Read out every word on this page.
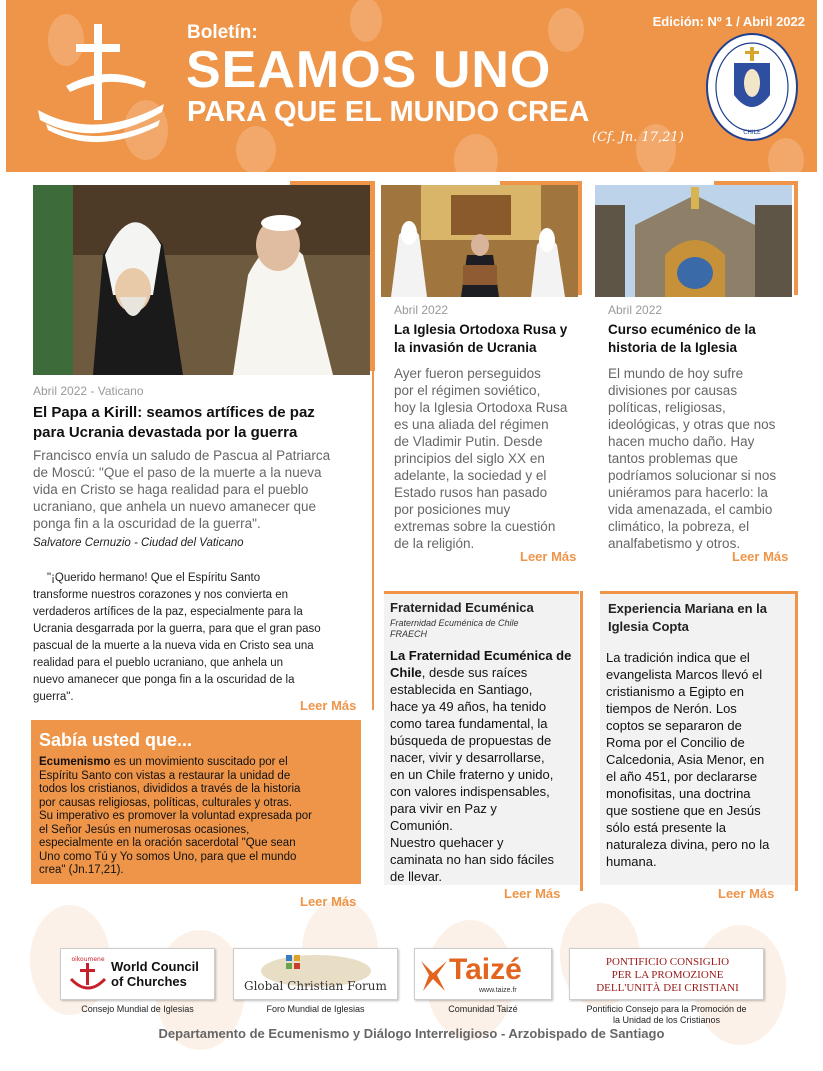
Boletín:
SEAMOS UNO
PARA QUE EL MUNDO CREA
(Cf. Jn. 17,21)
Edición: Nº 1 / Abril 2022
CHILE
Abril 2022 - Vaticano
El Papa a Kirill: seamos artífices de paz
para Ucrania devastada por la guerra
Francisco envía un saludo de Pascua al Patriarca
de Moscú: "Que el paso de la muerte a la nueva
vida en Cristo se haga realidad para el pueblo
ucraniano, que anhela un nuevo amanecer que
ponga fin a la oscuridad de la guerra".
Salvatore Cernuzio - Ciudad del Vaticano
"¡Querido hermano! Que el Espíritu Santo
transforme nuestros corazones y nos convierta en
verdaderos artífices de la paz, especialmente para la
Ucrania desgarrada por la guerra, para que el gran paso
pascual de la muerte a la nueva vida en Cristo sea una
realidad para el pueblo ucraniano, que anhela un
nuevo amanecer que ponga fin a la oscuridad de la
guerra".
Leer Más
Sabía usted que...
Ecumenismo es un movimiento suscitado por el
Espíritu Santo con vistas a restaurar la unidad de
todos los cristianos, divididos a través de la historia
por causas religiosas, políticas, culturales y otras.
Su imperativo es promover la voluntad expresada por
el Señor Jesús en numerosas ocasiones,
especialmente en la oración sacerdotal "Que sean
Uno como Tú y Yo somos Uno, para que el mundo
crea" (Jn.17,21).
Leer Más
Abril 2022
La Iglesia Ortodoxa Rusa y
la invasión de Ucrania
Ayer fueron perseguidos
por el régimen soviético,
hoy la Iglesia Ortodoxa Rusa
es una aliada del régimen
de Vladimir Putin. Desde
principios del siglo XX en
adelante, la sociedad y el
Estado rusos han pasado
por posiciones muy
extremas sobre la cuestión
de la religión.
Leer Más
Abril 2022
Curso ecuménico de la
historia de la Iglesia
El mundo de hoy sufre
divisiones por causas
políticas, religiosas,
ideológicas, y otras que nos
hacen mucho daño. Hay
tantos problemas que
podríamos solucionar si nos
uniéramos para hacerlo: la
vida amenazada, el cambio
climático, la pobreza, el
analfabetismo y otros.
Leer Más
Fraternidad Ecuménica
Fraternidad Ecuménica de Chile
FRAECH
La Fraternidad Ecuménica de
Chile, desde sus raíces
establecida en Santiago,
hace ya 49 años, ha tenido
como tarea fundamental, la
búsqueda de propuestas de
nacer, vivir y desarrollarse,
en un Chile fraterno y unido,
con valores indispensables,
para vivir en Paz y
Comunión.
Nuestro quehacer y
caminata no han sido fáciles
de llevar.
Leer Más
Experiencia Mariana en la
Iglesia Copta
La tradición indica que el
evangelista Marcos llevó el
cristianismo a Egipto en
tiempos de Nerón. Los
coptos se separaron de
Roma por el Concilio de
Calcedonia, Asia Menor, en
el año 451, por declararse
monofisitas, una doctrina
que sostiene que en Jesús
sólo está presente la
naturaleza divina, pero no la
humana.
Leer Más
oikoumene World Council
of Churches
Consejo Mundial de Iglesias
Global Christian Forum
Foro Mundial de Iglesias
Taizé
www.taize.fr
Comunidad Taizé
PONTIFICIO CONSIGLIO
PER LA PROMOZIONE
DELL'UNITÀ DEI CRISTIANI
Pontificio Consejo para la Promoción de
la Unidad de los Cristianos
Departamento de Ecumenismo y Diálogo Interreligioso - Arzobispado de Santiago
